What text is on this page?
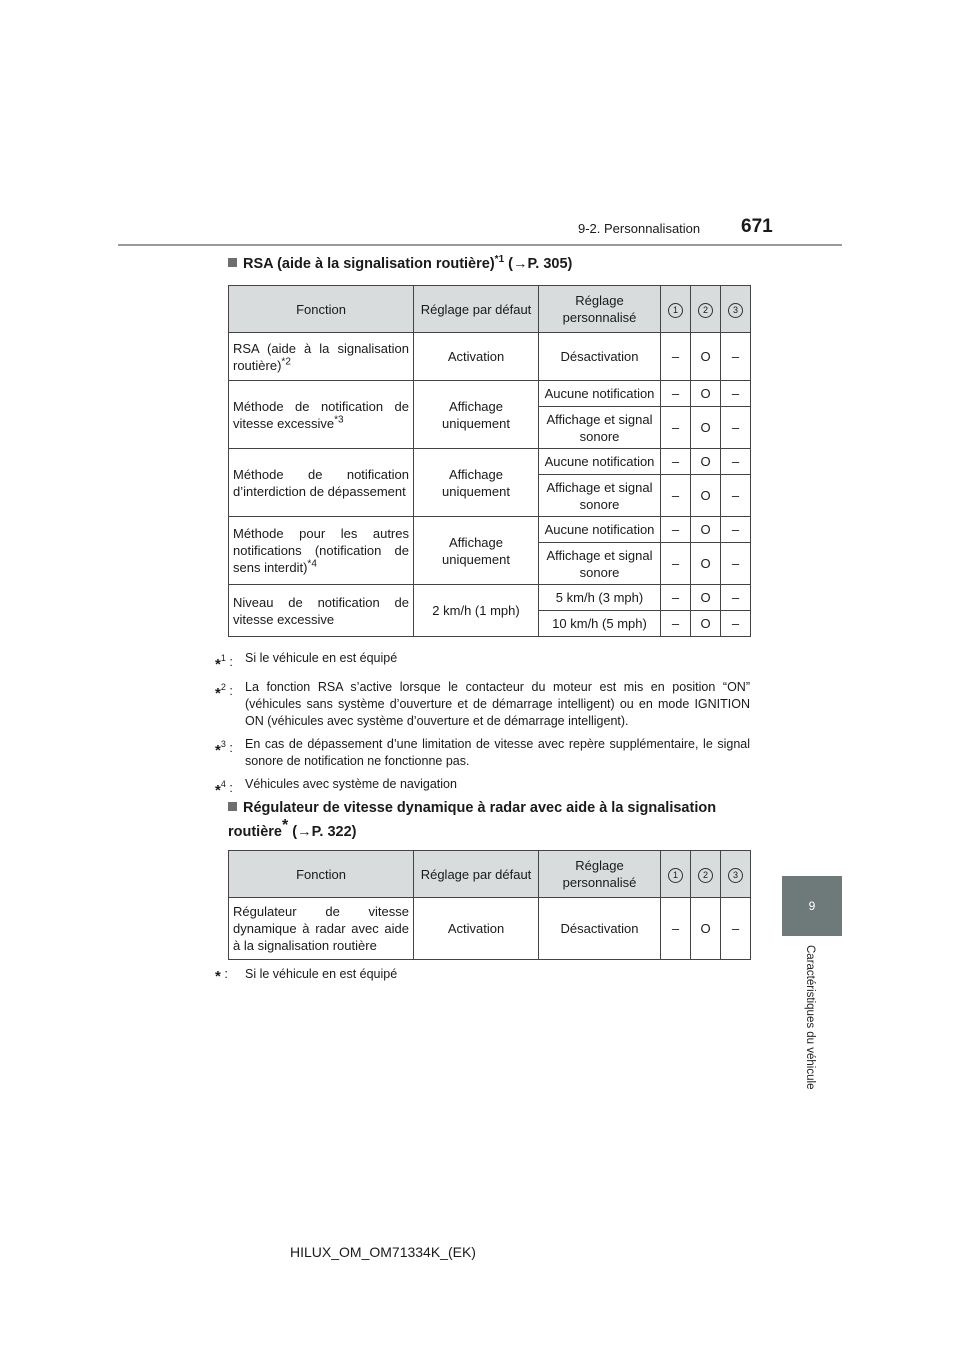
9-2. Personnalisation 671
9
Caractéristiques du véhicule
RSA (aide à la signalisation routière)$^{*1}$ (→P. 305)
Fonction	Réglage par défaut	Réglage personnalisé	1	2	3
RSA (aide à la signalisation routière)$^{*2}$	Activation	Désactivation	–	O	–
Méthode de notification de vitesse excessive$^{*3}$	Affichage uniquement	Aucune notification	–	O	–
		Affichage et signal sonore	–	O	–
Méthode de notification d’interdiction de dépassement	Affichage uniquement	Aucune notification	–	O	–
		Affichage et signal sonore	–	O	–
Méthode pour les autres notifications (notification de sens interdit)$^{*4}$	Affichage uniquement	Aucune notification	–	O	–
		Affichage et signal sonore	–	O	–
Niveau de notification de vitesse excessive	2 km/h (1 mph)	5 km/h (3 mph)	–	O	–
		10 km/h (5 mph)	–	O	–
*$^1$ : Si le véhicule en est équipé
*$^2$ : La fonction RSA s’active lorsque le contacteur du moteur est mis en position “ON” (véhicules sans système d’ouverture et de démarrage intelligent) ou en mode IGNITION ON (véhicules avec système d’ouverture et de démarrage intelligent).
*$^3$ : En cas de dépassement d’une limitation de vitesse avec repère supplémentaire, le signal sonore de notification ne fonctionne pas.
*$^4$ : Véhicules avec système de navigation
Régulateur de vitesse dynamique à radar avec aide à la signalisation routière* (→P. 322)
Fonction	Réglage par défaut	Réglage personnalisé	1	2	3
Régulateur de vitesse dynamique à radar avec aide à la signalisation routière	Activation	Désactivation	–	O	–
* :	Si le véhicule en est équipé
HILUX_OM_OM71334K_(EK)
